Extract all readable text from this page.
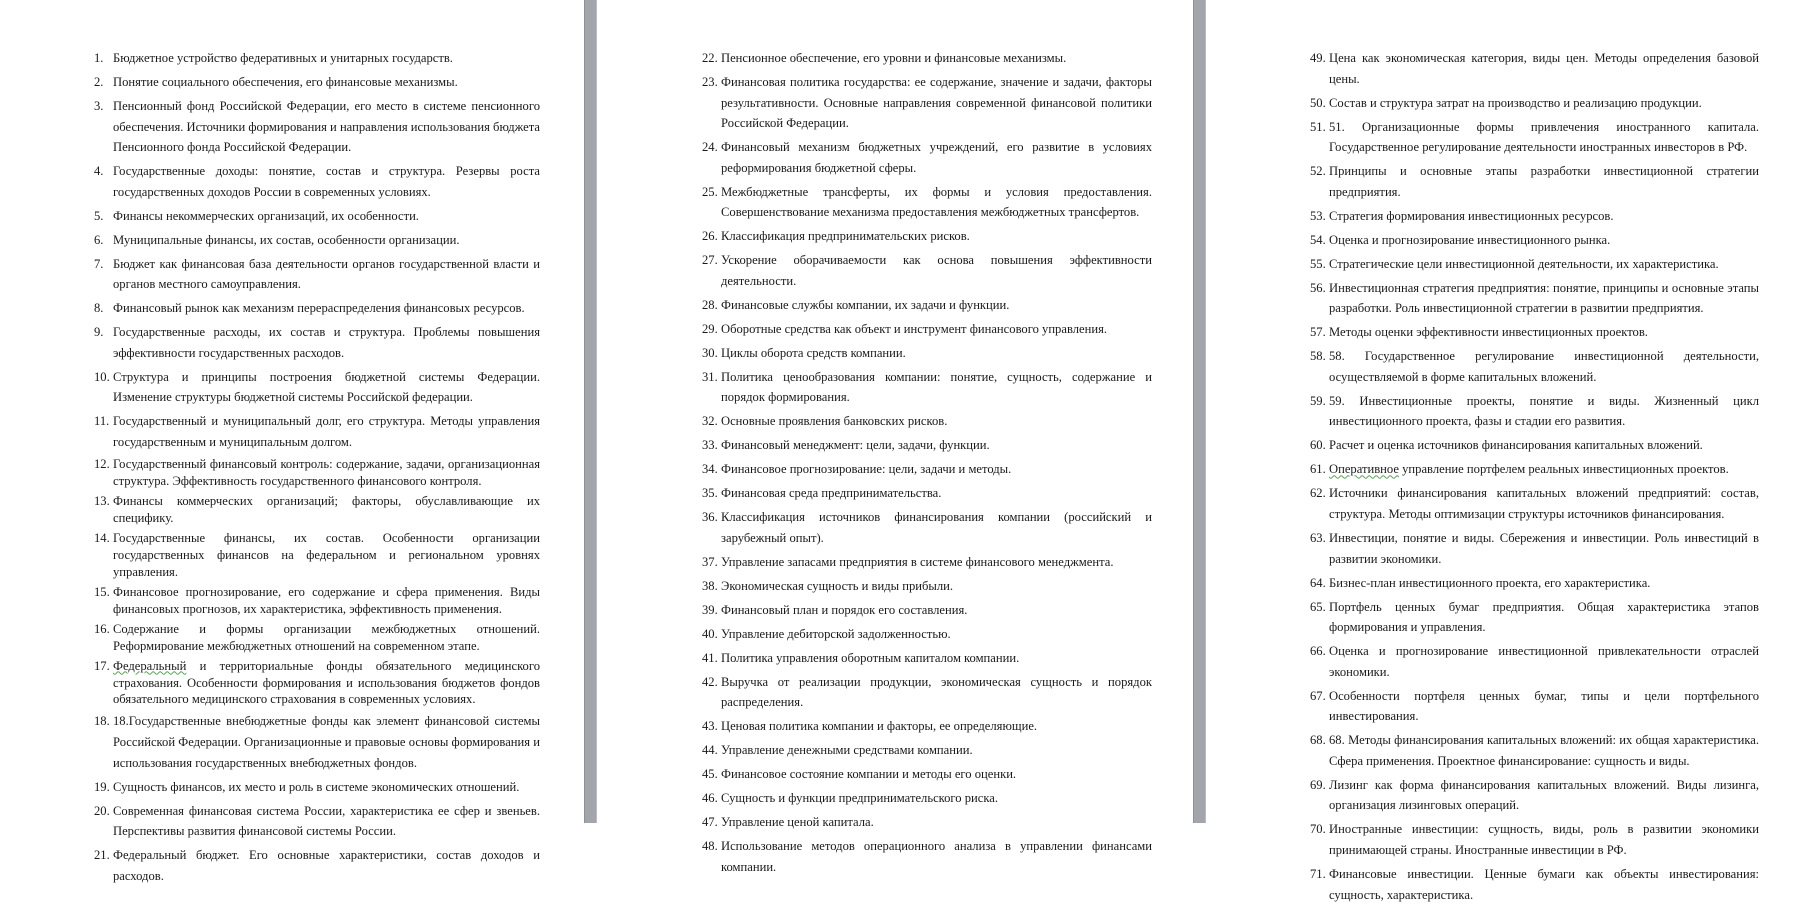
1. Бюджетное устройство федеративных и унитарных государств.
2. Понятие социального обеспечения, его финансовые механизмы.
3. Пенсионный фонд Российской Федерации, его место в системе пенсионного обеспечения. Источники формирования и направления использования бюджета Пенсионного фонда Российской Федерации.
4. Государственные доходы: понятие, состав и структура. Резервы роста государственных доходов России в современных условиях.
5. Финансы некоммерческих организаций, их особенности.
6. Муниципальные финансы, их состав, особенности организации.
7. Бюджет как финансовая база деятельности органов государственной власти и органов местного самоуправления.
8. Финансовый рынок как механизм перераспределения финансовых ресурсов.
9. Государственные расходы, их состав и структура. Проблемы повышения эффективности государственных расходов.
10. Структура и принципы построения бюджетной системы Федерации. Изменение структуры бюджетной системы Российской федерации.
11. Государственный и муниципальный долг, его структура. Методы управления государственным и муниципальным долгом.
12. Государственный финансовый контроль: содержание, задачи, организационная структура. Эффективность государственного финансового контроля.
13. Финансы коммерческих организаций; факторы, обуславливающие их специфику.
14. Государственные финансы, их состав. Особенности организации государственных финансов на федеральном и региональном уровнях управления.
15. Финансовое прогнозирование, его содержание и сфера применения. Виды финансовых прогнозов, их характеристика, эффективность применения.
16. Содержание и формы организации межбюджетных отношений. Реформирование межбюджетных отношений на современном этапе.
17. Федеральный и территориальные фонды обязательного медицинского страхования. Особенности формирования и использования бюджетов фондов обязательного медицинского страхования в современных условиях.
18. 18.Государственные внебюджетные фонды как элемент финансовой системы Российской Федерации. Организационные и правовые основы формирования и использования государственных внебюджетных фондов.
19. Сущность финансов, их место и роль в системе экономических отношений.
20. Современная финансовая система России, характеристика ее сфер и звеньев. Перспективы развития финансовой системы России.
21. Федеральный бюджет. Его основные характеристики, состав доходов и расходов.
22. Пенсионное обеспечение, его уровни и финансовые механизмы.
23. Финансовая политика государства: ее содержание, значение и задачи, факторы результативности. Основные направления современной финансовой политики Российской Федерации.
24. Финансовый механизм бюджетных учреждений, его развитие в условиях реформирования бюджетной сферы.
25. Межбюджетные трансферты, их формы и условия предоставления. Совершенствование механизма предоставления межбюджетных трансфертов.
26. Классификация предпринимательских рисков.
27. Ускорение оборачиваемости как основа повышения эффективности деятельности.
28. Финансовые службы компании, их задачи и функции.
29. Оборотные средства как объект и инструмент финансового управления.
30. Циклы оборота средств компании.
31. Политика ценообразования компании: понятие, сущность, содержание и порядок формирования.
32. Основные проявления банковских рисков.
33. Финансовый менеджмент: цели, задачи, функции.
34. Финансовое прогнозирование: цели, задачи и методы.
35. Финансовая среда предпринимательства.
36. Классификация источников финансирования компании (российский и зарубежный опыт).
37. Управление запасами предприятия в системе финансового менеджмента.
38. Экономическая сущность и виды прибыли.
39. Финансовый план и порядок его составления.
40. Управление дебиторской задолженностью.
41. Политика управления оборотным капиталом компании.
42. Выручка от реализации продукции, экономическая сущность и порядок распределения.
43. Ценовая политика компании и факторы, ее определяющие.
44. Управление денежными средствами компании.
45. Финансовое состояние компании и методы его оценки.
46. Сущность и функции предпринимательского риска.
47. Управление ценой капитала.
48. Использование методов операционного анализа в управлении финансами компании.
49. Цена как экономическая категория, виды цен. Методы определения базовой цены.
50. Состав и структура затрат на производство и реализацию продукции.
51. 51. Организационные формы привлечения иностранного капитала. Государственное регулирование деятельности иностранных инвесторов в РФ.
52. Принципы и основные этапы разработки инвестиционной стратегии предприятия.
53. Стратегия формирования инвестиционных ресурсов.
54. Оценка и прогнозирование инвестиционного рынка.
55. Стратегические цели инвестиционной деятельности, их характеристика.
56. Инвестиционная стратегия предприятия: понятие, принципы и основные этапы разработки. Роль инвестиционной стратегии в развитии предприятия.
57. Методы оценки эффективности инвестиционных проектов.
58. 58. Государственное регулирование инвестиционной деятельности, осуществляемой в форме капитальных вложений.
59. 59. Инвестиционные проекты, понятие и виды. Жизненный цикл инвестиционного проекта, фазы и стадии его развития.
60. Расчет и оценка источников финансирования капитальных вложений.
61. Оперативное управление портфелем реальных инвестиционных проектов.
62. Источники финансирования капитальных вложений предприятий: состав, структура. Методы оптимизации структуры источников финансирования.
63. Инвестиции, понятие и виды. Сбережения и инвестиции. Роль инвестиций в развитии экономики.
64. Бизнес-план инвестиционного проекта, его характеристика.
65. Портфель ценных бумаг предприятия. Общая характеристика этапов формирования и управления.
66. Оценка и прогнозирование инвестиционной привлекательности отраслей экономики.
67. Особенности портфеля ценных бумаг, типы и цели портфельного инвестирования.
68. 68. Методы финансирования капитальных вложений: их общая характеристика. Сфера применения. Проектное финансирование: сущность и виды.
69. Лизинг как форма финансирования капитальных вложений. Виды лизинга, организация лизинговых операций.
70. Иностранные инвестиции: сущность, виды, роль в развитии экономики принимающей страны. Иностранные инвестиции в РФ.
71. Финансовые инвестиции. Ценные бумаги как объекты инвестирования: сущность, характеристика.
